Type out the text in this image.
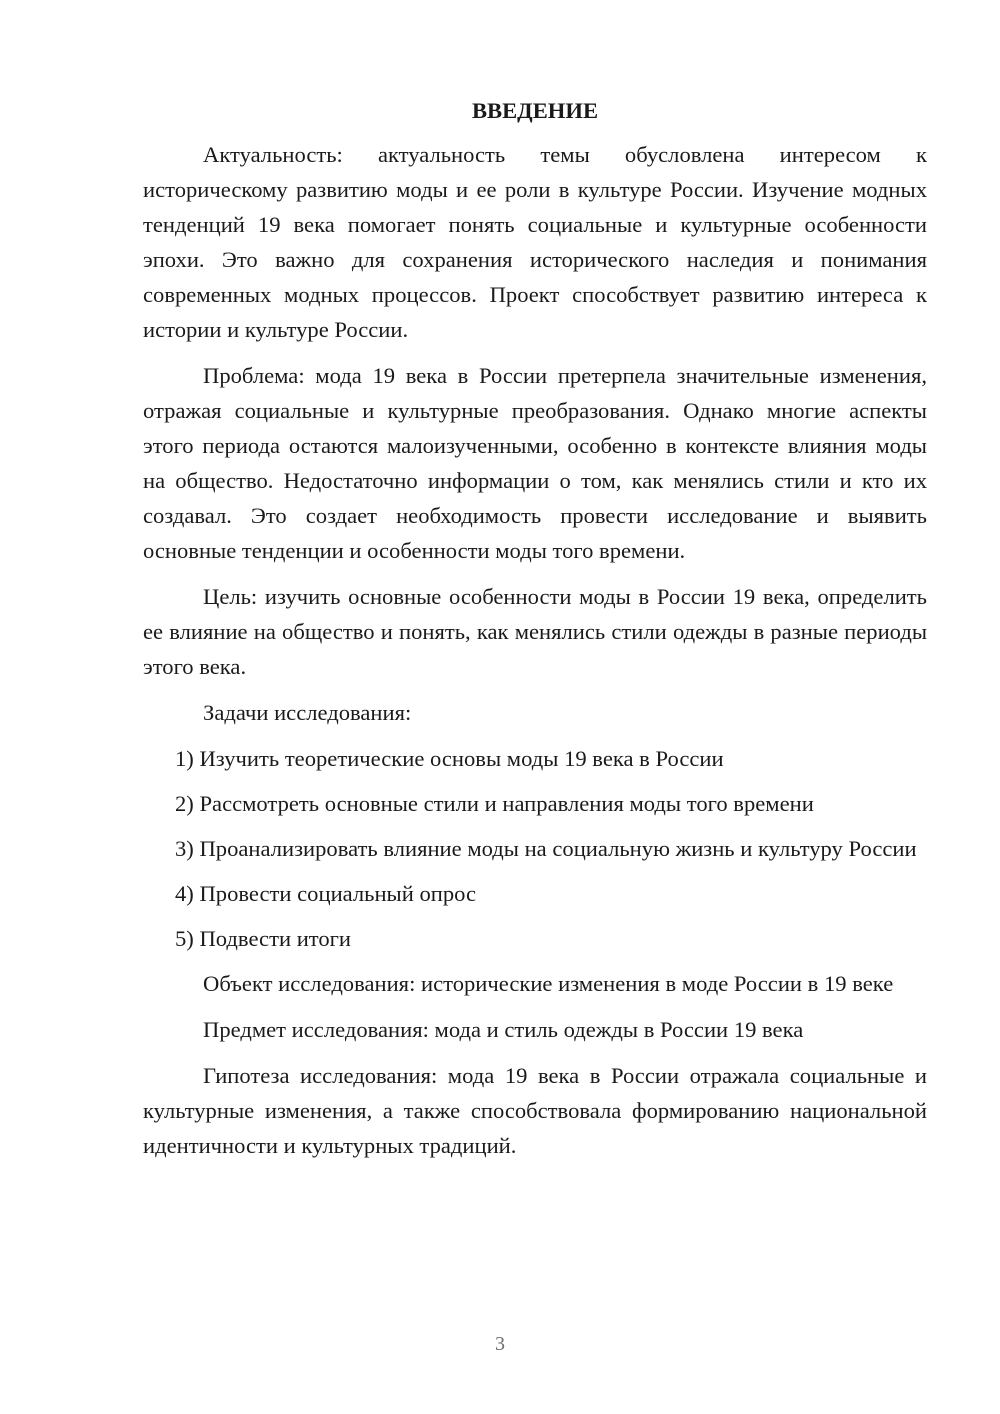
ВВЕДЕНИЕ

Актуальность: актуальность темы обусловлена интересом к историческому развитию моды и ее роли в культуре России. Изучение модных тенденций 19 века помогает понять социальные и культурные особенности эпохи. Это важно для сохранения исторического наследия и понимания современных модных процессов. Проект способствует развитию интереса к истории и культуре России.

Проблема: мода 19 века в России претерпела значительные изменения, отражая социальные и культурные преобразования. Однако многие аспекты этого периода остаются малоизученными, особенно в контексте влияния моды на общество. Недостаточно информации о том, как менялись стили и кто их создавал. Это создает необходимость провести исследование и выявить основные тенденции и особенности моды того времени.

Цель: изучить основные особенности моды в России 19 века, определить ее влияние на общество и понять, как менялись стили одежды в разные периоды этого века.

Задачи исследования:

1) Изучить теоретические основы моды 19 века в России

2) Рассмотреть основные стили и направления моды того времени

3) Проанализировать влияние моды на социальную жизнь и культуру России

4) Провести социальный опрос

5) Подвести итоги

Объект исследования: исторические изменения в моде России в 19 веке

Предмет исследования: мода и стиль одежды в России 19 века

Гипотеза исследования: мода 19 века в России отражала социальные и культурные изменения, а также способствовала формированию национальной идентичности и культурных традиций.

3
